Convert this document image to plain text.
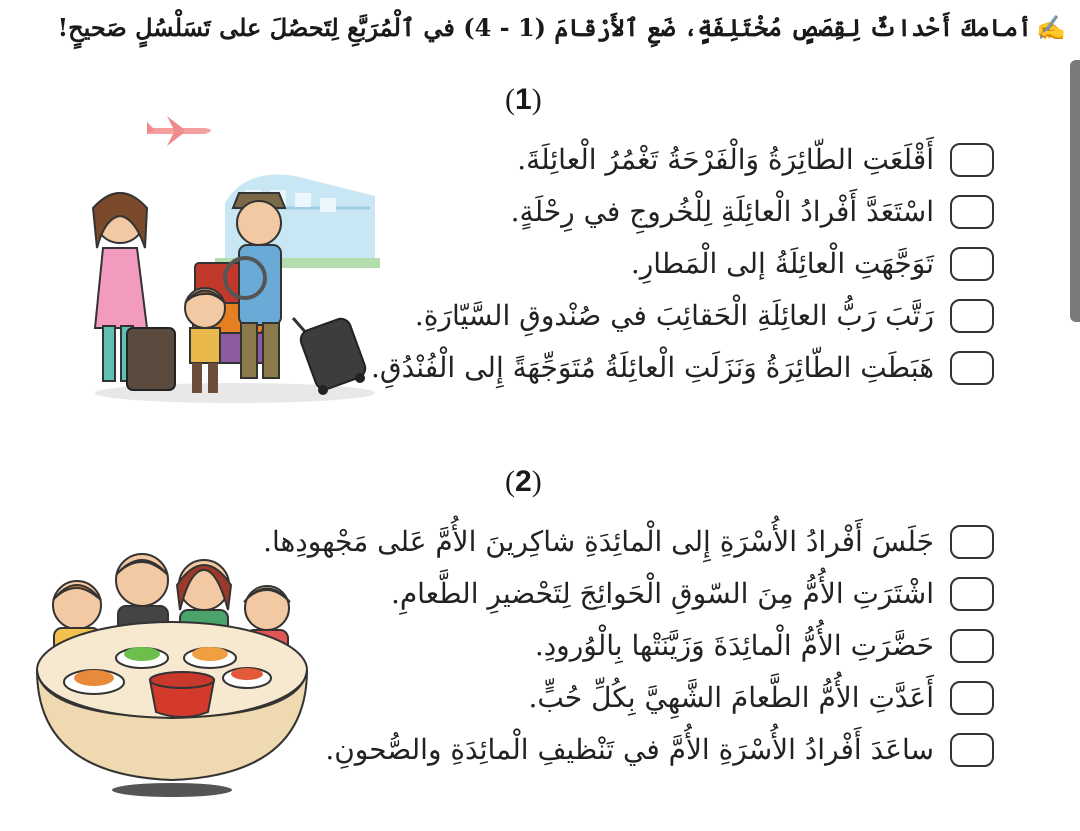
✍أمامكَ أَحْداثٌ لِقِصَصٍ مُخْتَلِفَةٍ، ضَعِ ٱلأَرْقامَ (1 - 4) في ٱلْمُرَبَّعِ لِتَحصُلَ على تَسَلْسُلٍ صَحيحٍ!
(1)
أَقْلَعَتِ الطّائِرَةُ وَالْفَرْحَةُ تَغْمُرُ الْعائِلَةَ.
اسْتَعَدَّ أَفْرادُ الْعائِلَةِ لِلْخُروجِ في رِحْلَةٍ.
تَوَجَّهَتِ الْعائِلَةُ إلى الْمَطارِ.
رَتَّبَ رَبُّ العائِلَةِ الْحَقائِبَ في صُنْدوقِ السَّيّارَةِ.
هَبَطَتِ الطّائِرَةُ وَنَزَلَتِ الْعائِلَةُ مُتَوَجِّهَةً إِلى الْفُنْدُقِ.
(2)
جَلَسَ أَفْرادُ الأُسْرَةِ إِلى الْمائِدَةِ شاكِرينَ الأُمَّ عَلى مَجْهودِها.
اشْتَرَتِ الأُمُّ مِنَ السّوقِ الْحَوائِجَ لِتَحْضيرِ الطَّعامِ.
حَضَّرَتِ الأُمُّ الْمائِدَةَ وَزَيَّنَتْها بِالْوُرودِ.
أَعَدَّتِ الأُمُّ الطَّعامَ الشَّهِيَّ بِكُلِّ حُبٍّ.
ساعَدَ أَفْرادُ الأُسْرَةِ الأُمَّ في تَنْظيفِ الْمائِدَةِ والصُّحونِ.
